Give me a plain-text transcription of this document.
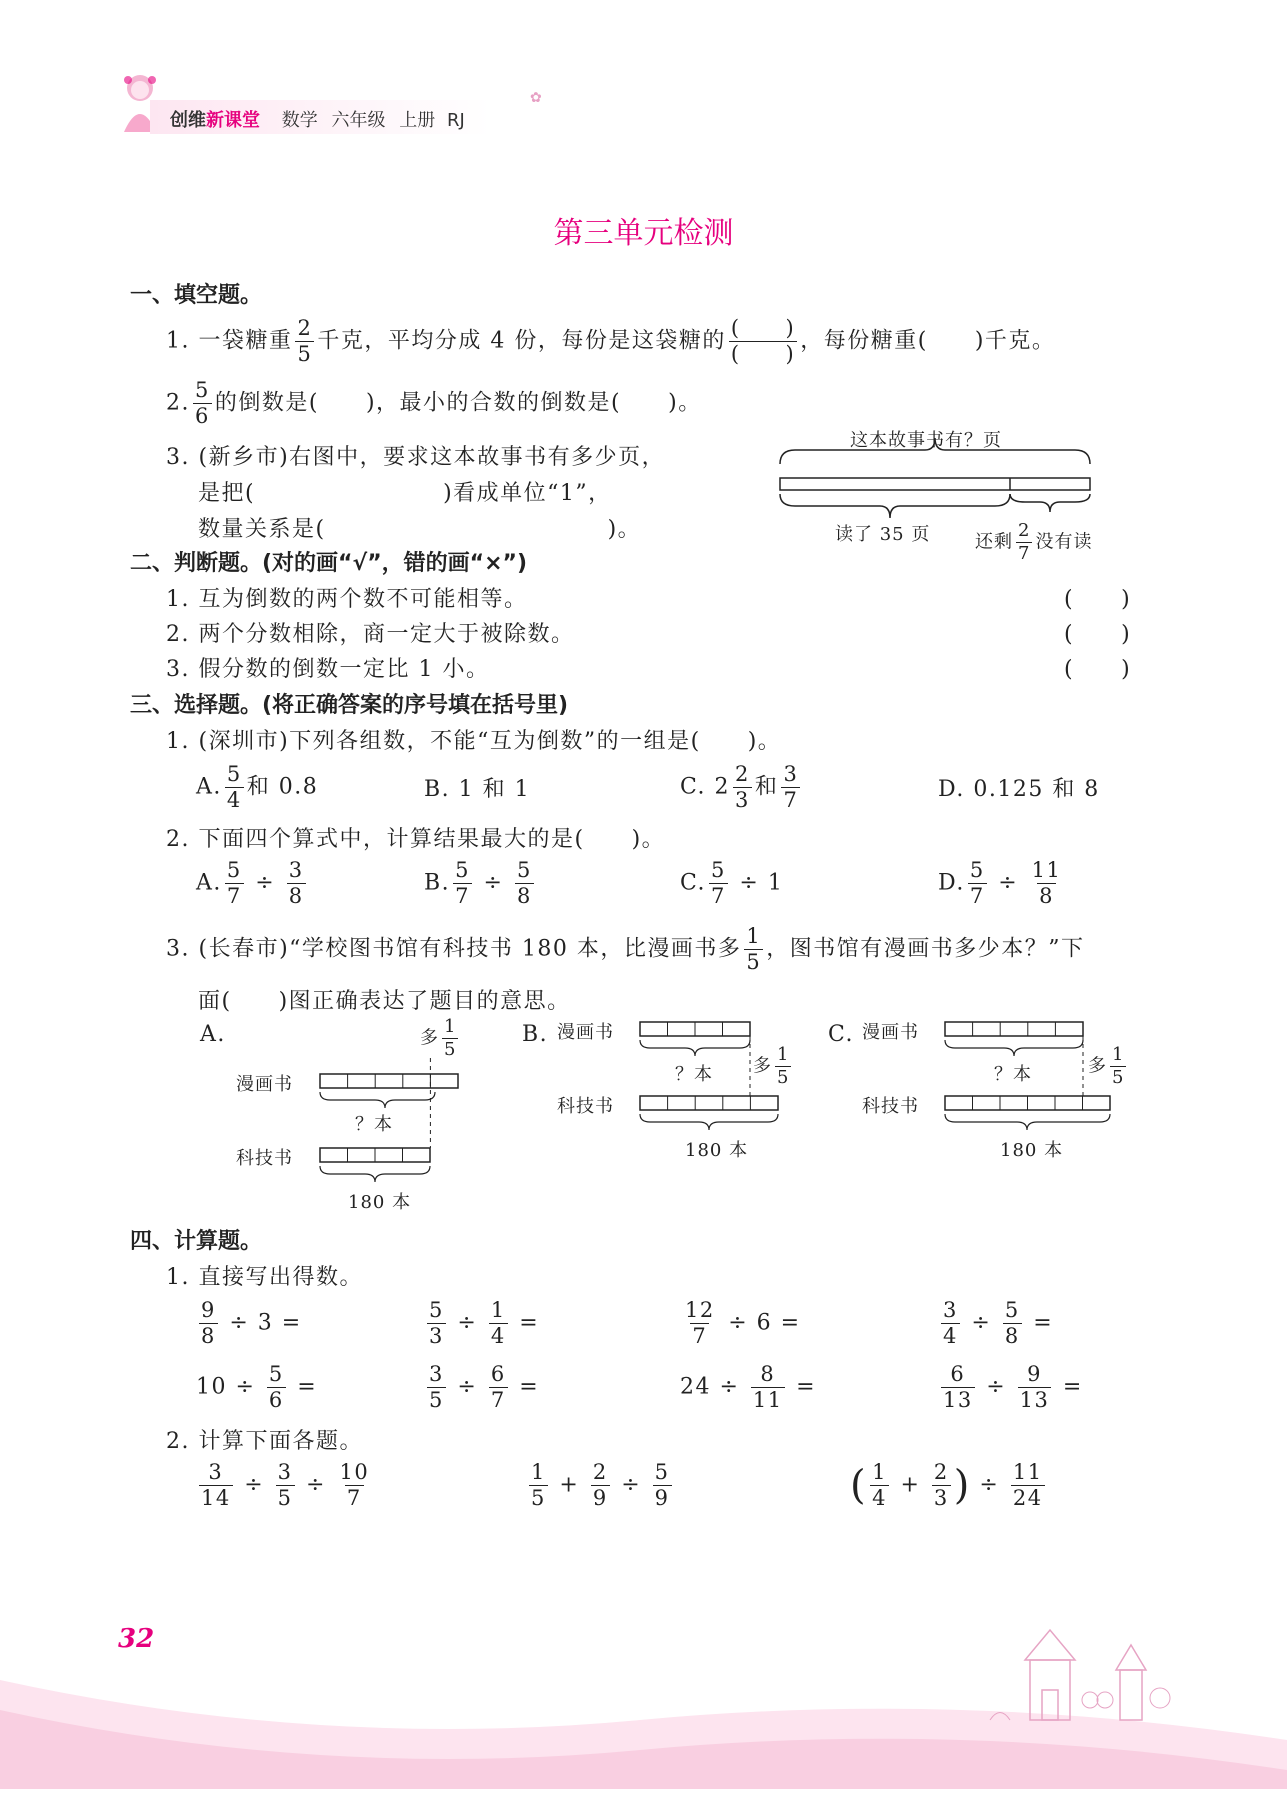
创维新课堂 数学 六年级 上册 RJ
✿
第三单元检测
一、填空题。
1. 一袋糖重 $\frac{2}{5}$ 千克，平均分成 4 份，每份是这袋糖的 $\frac{( )}{( )}$ ，每份糖重(　　)千克。
2. $\frac{5}{6}$ 的倒数是(　　)，最小的合数的倒数是(　　)。
3. (新乡市)右图中，要求这本故事书有多少页，
是把(　　　　　　　　)看成单位“1”，
数量关系是(　　　　　　　　　　　　)。
这本故事书有？页
读了 35 页 还剩 $\frac{2}{7}$ 没有读
二、判断题。(对的画“√”，错的画“×”)
1. 互为倒数的两个数不可能相等。	(　　)
2. 两个分数相除，商一定大于被除数。	(　　)
3. 假分数的倒数一定比 1 小。	(　　)
三、选择题。(将正确答案的序号填在括号里)
1. (深圳市)下列各组数，不能“互为倒数”的一组是(　　)。
A. $\frac{5}{4}$ 和 0.8	B. 1 和 1	C. $2 \frac{2}{3}$ 和 $\frac{3}{7}$	D. 0.125 和 8
2. 下面四个算式中，计算结果最大的是(　　)。
A. $\frac{5}{7} \div \frac{3}{8}$	B. $\frac{5}{7} \div \frac{5}{8}$	C. $\frac{5}{7} \div 1$	D. $\frac{5}{7} \div \frac{11}{8}$
3. (长春市)“学校图书馆有科技书 180 本，比漫画书多 $\frac{1}{5}$ ，图书馆有漫画书多少本？”下
面(　　)图正确表达了题目的意思。
A.
漫画书
科技书
？本
180 本
多 $\frac{1}{5}$	B. 漫画书
科技书
？本
180 本
多 $\frac{1}{5}$
C. 漫画书
科技书
？本
180 本
多 $\frac{1}{5}$
四、计算题。
1. 直接写出得数。
$\frac{9}{8} \div 3$ =	$\frac{5}{3} \div \frac{1}{4}$ =	$\frac{12}{7} \div 6$ =	$\frac{3}{4} \div \frac{5}{8}$ =
$10 \div \frac{5}{6}$ =	$\frac{3}{5} \div \frac{6}{7}$ =	$24 \div \frac{8}{11}$ =	$\frac{6}{13} \div \frac{9}{13}$ =
2. 计算下面各题。
$\frac{3}{14} \div \frac{3}{5} \div \frac{10}{7}$	$\frac{1}{5} + \frac{2}{9} \div \frac{5}{9}$	( $\frac{1}{4} + \frac{2}{3}$ ) ÷ $\frac{11}{24}$
32
